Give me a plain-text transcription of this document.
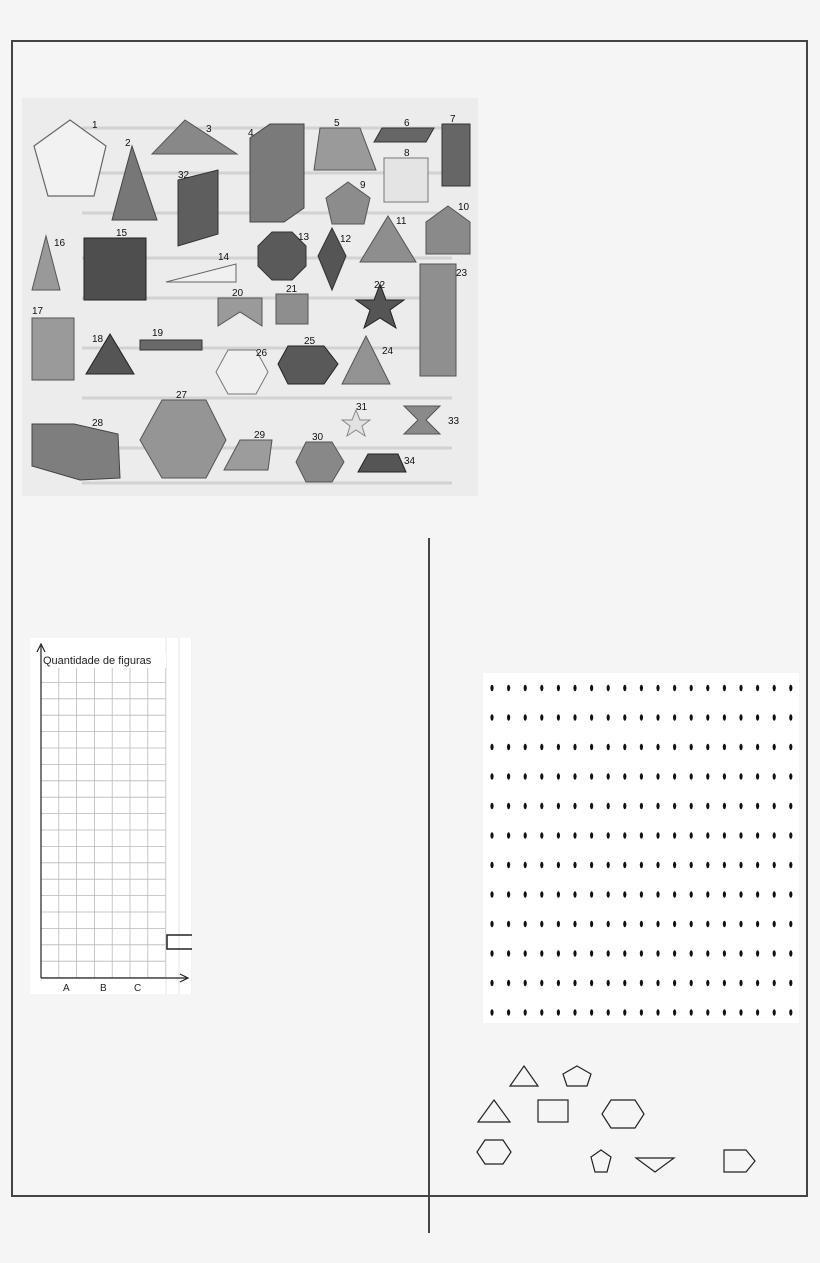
1
2
3	4
5	6	7
8
9
10
11
12
13
14
15
16
17
18
19
20	21	22
23
24
25
26
27
28
29	30
31
32
33
34
Quantidade de figuras
A	B	C
